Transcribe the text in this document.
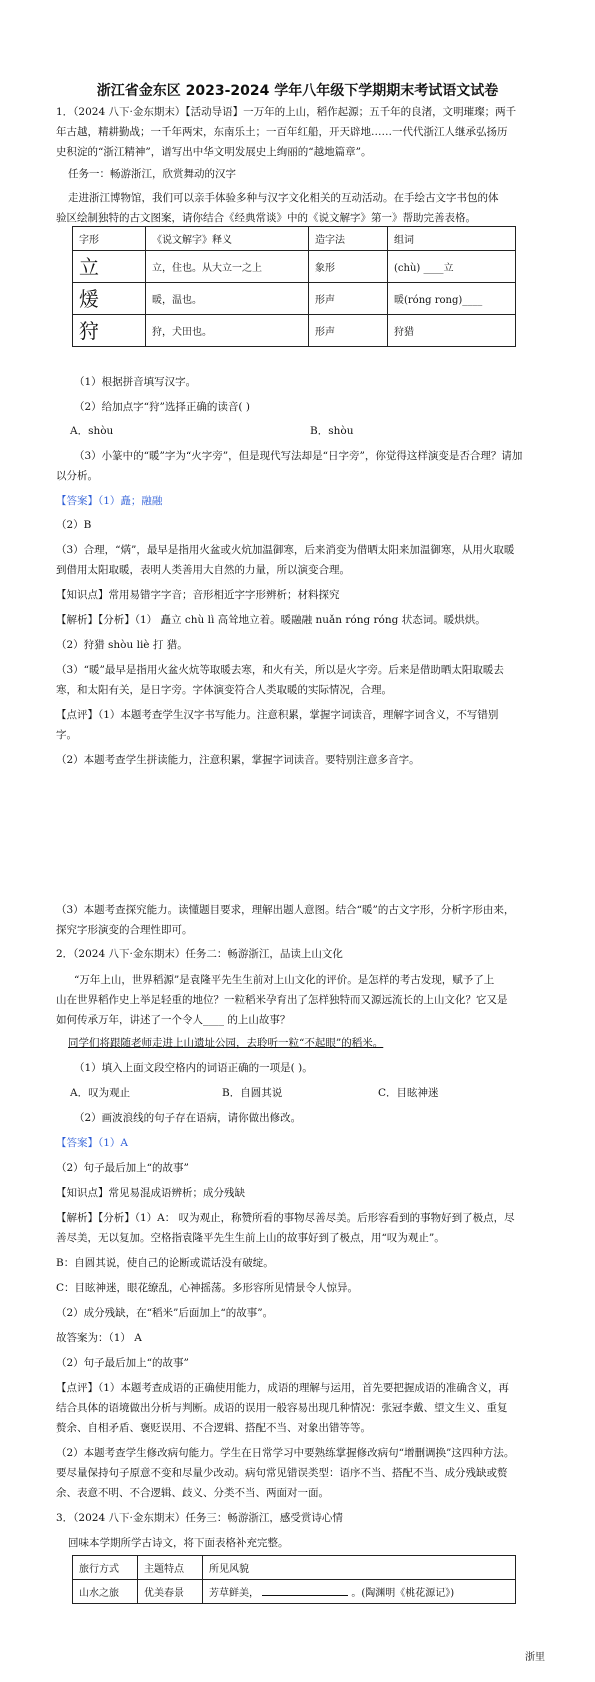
浙江省金东区 2023-2024 学年八年级下学期期末考试语文试卷
1．（2024 八下·金东期末）【活动导语】一万年的上山，稻作起源；五千年的良渚，文明璀璨；两千
年古越，精耕勤战；一千年两宋，东南乐土；一百年红船，开天辟地……一代代浙江人继承弘扬历
史积淀的“浙江精神”，谱写出中华文明发展史上绚丽的“越地篇章”。
任务一：畅游浙江，欣赏舞动的汉字
走进浙江博物馆，我们可以亲手体验多种与汉字文化相关的互动活动。在手绘古文字书包的体
验区绘制独特的古文图案，请你结合《经典常谈》中的《说文解字》第一》帮助完善表格。
字形	《说文解字》释义	造字法	组词
立	立，住也。从大立一之上	象形	(chù) ____立
煖	暖，温也。	形声	暖(róng rong)____
狩	狩，犬田也。	形声	狩猎
（1）根据拼音填写汉字。
（2）给加点字“狩”选择正确的读音( )
A．shòu	B．shòu
（3）小篆中的“暖”字为“火字旁”，但是现代写法却是“日字旁”，你觉得这样演变是否合理？请加
以分析。
【答案】（1）矗；融融
（2）B
（3）合理，“焫”，最早是指用火盆或火炕加温御寒，后来消变为借晒太阳来加温御寒，从用火取暖
到借用太阳取暖，表明人类善用大自然的力量，所以演变合理。
【知识点】常用易错字字音；音形相近字字形辨析；材料探究
【解析】【分析】（1） 矗立 chù lì 高耸地立着。暖融融 nuǎn róng róng 状态词。暖烘烘。
（2）狩猎 shòu liè 打 猎。
（3）“暖”最早是指用火盆火炕等取暖去寒，和火有关，所以是火字旁。后来是借助晒太阳取暖去
寒，和太阳有关，是日字旁。字体演变符合人类取暖的实际情况，合理。
【点评】（1）本题考查学生汉字书写能力。注意积累，掌握字词读音，理解字词含义，不写错别
字。
（2）本题考查学生拼读能力，注意积累，掌握字词读音。要特别注意多音字。
（3）本题考查探究能力。读懂题目要求，理解出题人意图。结合“暖”的古文字形，分析字形由来，
探究字形演变的合理性即可。
2．（2024 八下·金东期末）任务二：畅游浙江，品读上山文化
“万年上山，世界稻源”是袁隆平先生生前对上山文化的评价。是怎样的考古发现，赋予了上
山在世界稻作史上举足轻重的地位？一粒稻米孕育出了怎样独特而又源远流长的上山文化？它又是
如何传承万年，讲述了一个令人____ 的上山故事？
同学们将跟随老师走进上山遗址公园，去聆听一粒“不起眼”的稻米。
（1）填入上面文段空格内的词语正确的一项是( )。
A．叹为观止	B．自圆其说	C．目眩神迷
（2）画波浪线的句子存在语病，请你做出修改。
【答案】（1）A
（2）句子最后加上“的故事”
【知识点】常见易混成语辨析；成分残缺
【解析】【分析】（1）A： 叹为观止，称赞所看的事物尽善尽美。后形容看到的事物好到了极点，尽
善尽美，无以复加。空格指袁隆平先生生前上山的故事好到了极点，用“叹为观止”。
B：自圆其说，使自己的论断或谎话没有破绽。
C：目眩神迷，眼花缭乱，心神摇荡。多形容所见情景令人惊异。
（2）成分残缺，在“稻米”后面加上“的故事”。
故答案为：（1） A
（2）句子最后加上“的故事”
【点评】（1）本题考查成语的正确使用能力，成语的理解与运用，首先要把握成语的准确含义，再
结合具体的语境做出分析与判断。成语的误用一般容易出现几种情况：张冠李戴、望文生义、重复
赘余、自相矛盾、褒贬误用、不合逻辑、搭配不当、对象出错等等。
（2）本题考查学生修改病句能力。学生在日常学习中要熟练掌握修改病句“增删调换”这四种方法。
要尽量保持句子原意不变和尽量少改动。病句常见错误类型：语序不当、搭配不当、成分残缺或赘
余、表意不明、不合逻辑、歧义、分类不当、两面对一面。
3．（2024 八下·金东期末）任务三：畅游浙江，感受赏诗心情
回味本学期所学古诗文，将下面表格补充完整。
旅行方式	主题特点	所见风貌
山水之旅	优美春景	芳草鲜美， 。(陶渊明《桃花源记》)
浙里
